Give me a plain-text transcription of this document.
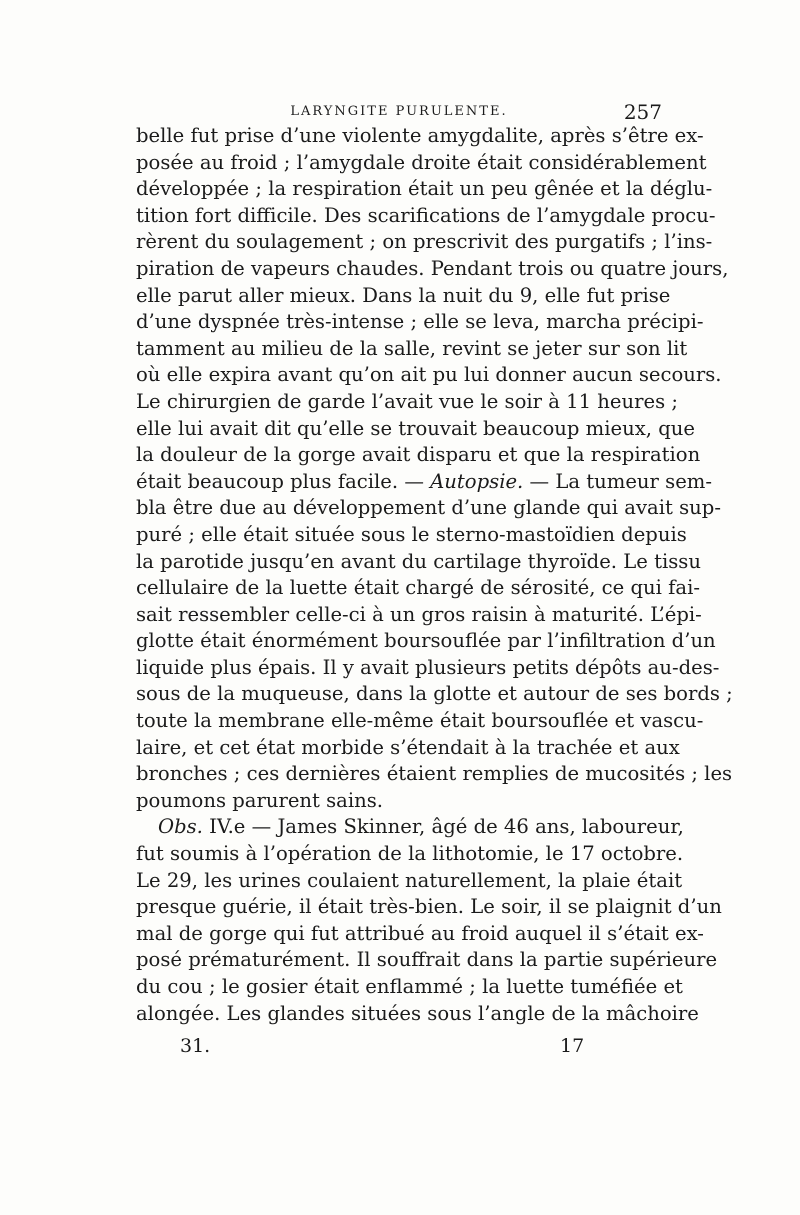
LARYNGITE PURULENTE.	257
belle fut prise d’une violente amygdalite, après s’être ex-
posée au froid ; l’amygdale droite était considérablement
développée ; la respiration était un peu gênée et la déglu-
tition fort difficile. Des scarifications de l’amygdale procu-
rèrent du soulagement ; on prescrivit des purgatifs ; l’ins-
piration de vapeurs chaudes. Pendant trois ou quatre jours,
elle parut aller mieux. Dans la nuit du 9, elle fut prise
d’une dyspnée très-intense ; elle se leva, marcha précipi-
tamment au milieu de la salle, revint se jeter sur son lit
où elle expira avant qu’on ait pu lui donner aucun secours.
Le chirurgien de garde l’avait vue le soir à 11 heures ;
elle lui avait dit qu’elle se trouvait beaucoup mieux, que
la douleur de la gorge avait disparu et que la respiration
était beaucoup plus facile. — Autopsie. — La tumeur sem-
bla être due au développement d’une glande qui avait sup-
puré ; elle était située sous le sterno-mastoïdien depuis
la parotide jusqu’en avant du cartilage thyroïde. Le tissu
cellulaire de la luette était chargé de sérosité, ce qui fai-
sait ressembler celle-ci à un gros raisin à maturité. L’épi-
glotte était énormément boursouflée par l’infiltration d’un
liquide plus épais. Il y avait plusieurs petits dépôts au-des-
sous de la muqueuse, dans la glotte et autour de ses bords ;
toute la membrane elle-même était boursouflée et vascu-
laire, et cet état morbide s’étendait à la trachée et aux
bronches ; ces dernières étaient remplies de mucosités ; les
poumons parurent sains.
Obs. IV.e — James Skinner, âgé de 46 ans, laboureur,
fut soumis à l’opération de la lithotomie, le 17 octobre.
Le 29, les urines coulaient naturellement, la plaie était
presque guérie, il était très-bien. Le soir, il se plaignit d’un
mal de gorge qui fut attribué au froid auquel il s’était ex-
posé prématurément. Il souffrait dans la partie supérieure
du cou ; le gosier était enflammé ; la luette tuméfiée et
alongée. Les glandes situées sous l’angle de la mâchoire
31.	17
